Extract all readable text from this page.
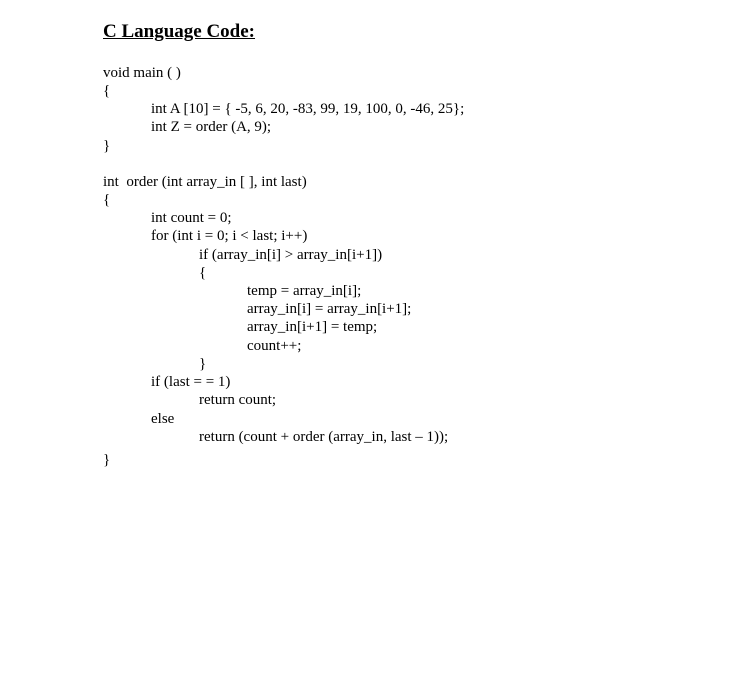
C Language Code:
void main ( )
{
int A [10] = { -5, 6, 20, -83, 99, 19, 100, 0, -46, 25};
int Z = order (A, 9);
}
int  order (int array_in [ ], int last)
{
int count = 0;
for (int i = 0; i < last; i++)
if (array_in[i] > array_in[i+1])
{
temp = array_in[i];
array_in[i] = array_in[i+1];
array_in[i+1] = temp;
count++;
}
if (last = = 1)
return count;
else
return (count + order (array_in, last – 1));
}
